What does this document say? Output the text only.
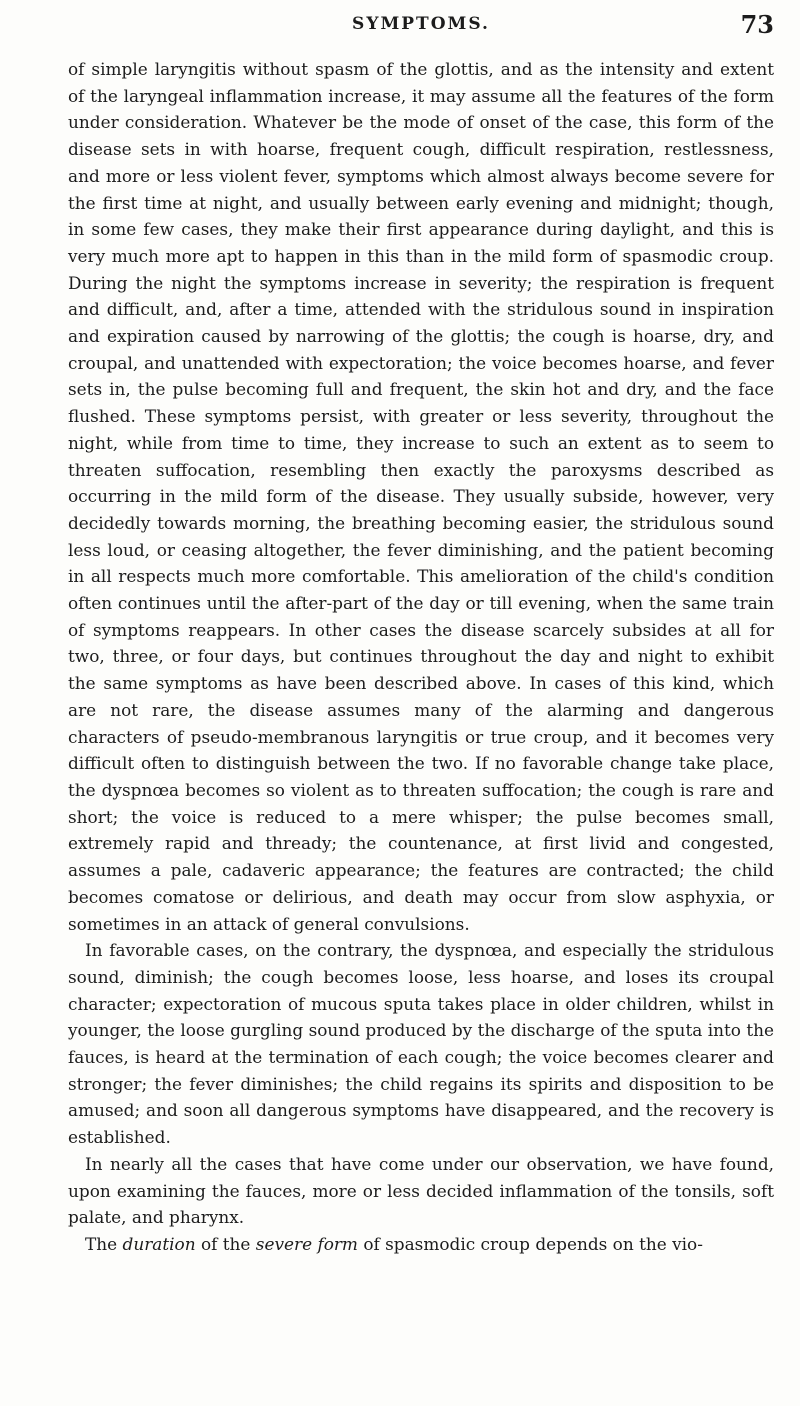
SYMPTOMS.	73

of simple laryngitis without spasm of the glottis, and as the intensity and extent of the laryngeal inflammation increase, it may assume all the features of the form under consideration. Whatever be the mode of onset of the case, this form of the disease sets in with hoarse, frequent cough, difficult respiration, restlessness, and more or less violent fever, symptoms which almost always become severe for the first time at night, and usually between early evening and midnight; though, in some few cases, they make their first appearance during daylight, and this is very much more apt to happen in this than in the mild form of spasmodic croup. During the night the symptoms increase in severity; the respiration is frequent and difficult, and, after a time, attended with the stridulous sound in inspiration and expiration caused by narrowing of the glottis; the cough is hoarse, dry, and croupal, and unattended with expectoration; the voice becomes hoarse, and fever sets in, the pulse becoming full and frequent, the skin hot and dry, and the face flushed. These symptoms persist, with greater or less severity, throughout the night, while from time to time, they increase to such an extent as to seem to threaten suffocation, resembling then exactly the paroxysms described as occurring in the mild form of the disease. They usually subside, however, very decidedly towards morning, the breathing becoming easier, the stridulous sound less loud, or ceasing altogether, the fever diminishing, and the patient becoming in all respects much more comfortable. This amelioration of the child's condition often continues until the after-part of the day or till evening, when the same train of symptoms reappears. In other cases the disease scarcely subsides at all for two, three, or four days, but continues throughout the day and night to exhibit the same symptoms as have been described above. In cases of this kind, which are not rare, the disease assumes many of the alarming and dangerous characters of pseudo-membranous laryngitis or true croup, and it becomes very difficult often to distinguish between the two. If no favorable change take place, the dyspnœa becomes so violent as to threaten suffocation; the cough is rare and short; the voice is reduced to a mere whisper; the pulse becomes small, extremely rapid and thready; the countenance, at first livid and congested, assumes a pale, cadaveric appearance; the features are contracted; the child becomes comatose or delirious, and death may occur from slow asphyxia, or sometimes in an attack of general convulsions.

In favorable cases, on the contrary, the dyspnœa, and especially the stridulous sound, diminish; the cough becomes loose, less hoarse, and loses its croupal character; expectoration of mucous sputa takes place in older children, whilst in younger, the loose gurgling sound produced by the discharge of the sputa into the fauces, is heard at the termination of each cough; the voice becomes clearer and stronger; the fever diminishes; the child regains its spirits and disposition to be amused; and soon all dangerous symptoms have disappeared, and the recovery is established.

In nearly all the cases that have come under our observation, we have found, upon examining the fauces, more or less decided inflammation of the tonsils, soft palate, and pharynx.

The duration of the severe form of spasmodic croup depends on the vio-
